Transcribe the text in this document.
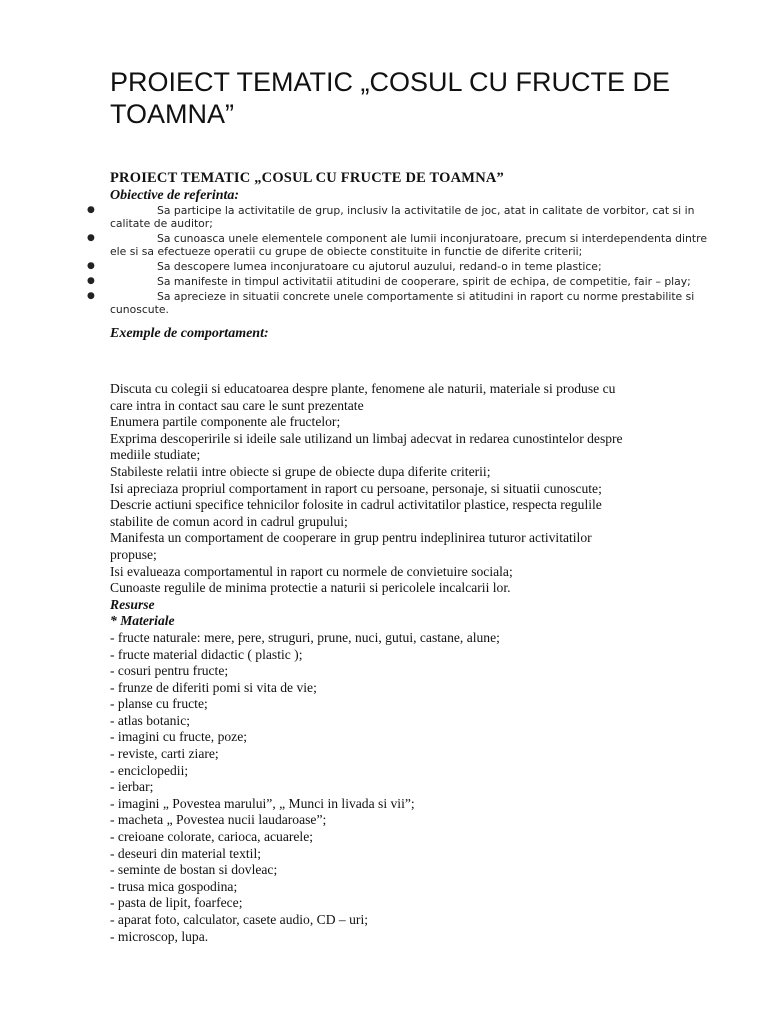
PROIECT TEMATIC „COSUL CU FRUCTE DE TOAMNA”
PROIECT TEMATIC „COSUL CU FRUCTE DE TOAMNA”
Obiective de referinta:
●	Sa participe la activitatile de grup, inclusiv la activitatile de joc, atat in calitate de vorbitor, cat si in calitate de auditor;
●	Sa cunoasca unele elementele component ale lumii inconjuratoare, precum si interdependenta dintre ele si sa efectueze operatii cu grupe de obiecte constituite in functie de diferite criterii;
●	Sa descopere lumea inconjuratoare cu ajutorul auzului, redand-o in teme plastice;
●	Sa manifeste in timpul activitatii atitudini de cooperare, spirit de echipa, de competitie, fair – play;
●	Sa aprecieze in situatii concrete unele comportamente si atitudini in raport cu norme prestabilite si cunoscute.
Exemple de comportament:
Discuta cu colegii si educatoarea despre plante, fenomene ale naturii, materiale si produse cu
care intra in contact sau care le sunt prezentate
Enumera partile componente ale fructelor;
Exprima descoperirile si ideile sale utilizand un limbaj adecvat in redarea cunostintelor despre
mediile studiate;
Stabileste relatii intre obiecte si grupe de obiecte dupa diferite criterii;
Isi apreciaza propriul comportament in raport cu persoane, personaje, si situatii cunoscute;
Descrie actiuni specifice tehnicilor folosite in cadrul activitatilor plastice, respecta regulile
stabilite de comun acord in cadrul grupului;
Manifesta un comportament de cooperare in grup pentru indeplinirea tuturor activitatilor
propuse;
Isi evalueaza comportamentul in raport cu normele de convietuire sociala;
Cunoaste regulile de minima protectie a naturii si pericolele incalcarii lor.
Resurse
* Materiale
- fructe naturale: mere, pere, struguri, prune, nuci, gutui, castane, alune;
- fructe material didactic ( plastic );
- cosuri pentru fructe;
- frunze de diferiti pomi si vita de vie;
- planse cu fructe;
- atlas botanic;
- imagini cu fructe, poze;
- reviste, carti ziare;
- enciclopedii;
- ierbar;
- imagini „ Povestea marului”, „ Munci in livada si vii”;
- macheta „ Povestea nucii laudaroase”;
- creioane colorate, carioca, acuarele;
- deseuri din material textil;
- seminte de bostan si dovleac;
- trusa mica gospodina;
- pasta de lipit, foarfece;
- aparat foto, calculator, casete audio, CD – uri;
- microscop, lupa.
